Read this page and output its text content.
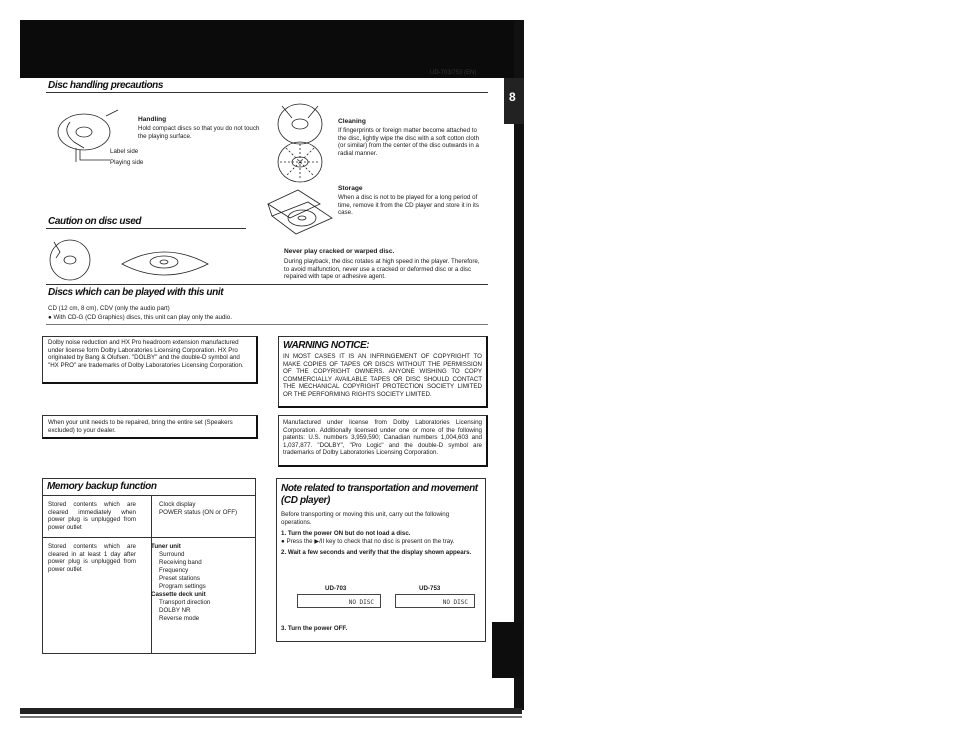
8
UD-703/753 (EN)
Disc handling precautions
Label side
Playing side
Handling
Hold compact discs so that you do not touch the playing surface.
Cleaning
If fingerprints or foreign matter become attached to the disc, lightly wipe the disc with a soft cotton cloth (or similar) from the center of the disc outwards in a radial manner.
Storage
When a disc is not to be played for a long period of time, remove it from the CD player and store it in its case.
Caution on disc used
Never play cracked or warped disc.
During playback, the disc rotates at high speed in the player. Therefore, to avoid malfunction, never use a cracked or deformed disc or a disc repaired with tape or adhesive agent.
Discs which can be played with this unit
CD (12 cm, 8 cm), CDV (only the audio part)
● With CD-G (CD Graphics) discs, this unit can play only the audio.
Dolby noise reduction and HX Pro headroom extension manufactured under license form Dolby Laboratories Licensing Corporation. HX Pro originated by Bang & Olufsen. "DOLBY" and the double-D symbol and "HX PRO" are trademarks of Dolby Laboratories Licensing Corporation.
WARNING NOTICE:
IN MOST CASES IT IS AN INFRINGEMENT OF COPYRIGHT TO MAKE COPIES OF TAPES OR DISCS WITHOUT THE PERMISSION OF THE COPYRIGHT OWNERS. ANYONE WISHING TO COPY COMMERCIALLY AVAILABLE TAPES OR DISC SHOULD CONTACT THE MECHANICAL COPYRIGHT PROTECTION SOCIETY LIMITED OR THE PERFORMING RIGHTS SOCIETY LIMITED.
When your unit needs to be repaired, bring the entire set (Speakers excluded) to your dealer.
Manufactured under license from Dolby Laboratories Licensing Corporation. Additionally licensed under one or more of the following patents: U.S. numbers 3,959,590; Canadian numbers 1,004,603 and 1,037,877. "DOLBY", "Pro Logic" and the double-D symbol are trademarks of Dolby Laboratories Licensing Corporation.
Memory backup function
Stored contents which are cleared immediately when power plug is unplugged from power outlet
Clock display
POWER status (ON or OFF)
Stored contents which are cleared in at least 1 day after power plug is unplugged from power outlet
Tuner unit
Surround
Receiving band
Frequency
Preset stations
Program settings
Cassette deck unit
Transport direction
DOLBY NR
Reverse mode
Note related to transportation and movement
(CD player)
Before transporting or moving this unit, carry out the following operations.
1. Turn the power ON but do not load a disc.
● Press the ▶/II key to check that no disc is present on the tray.
2. Wait a few seconds and verify that the display shown appears.
UD-703	UD-753
NO DISC	NO DISC
3. Turn the power OFF.
